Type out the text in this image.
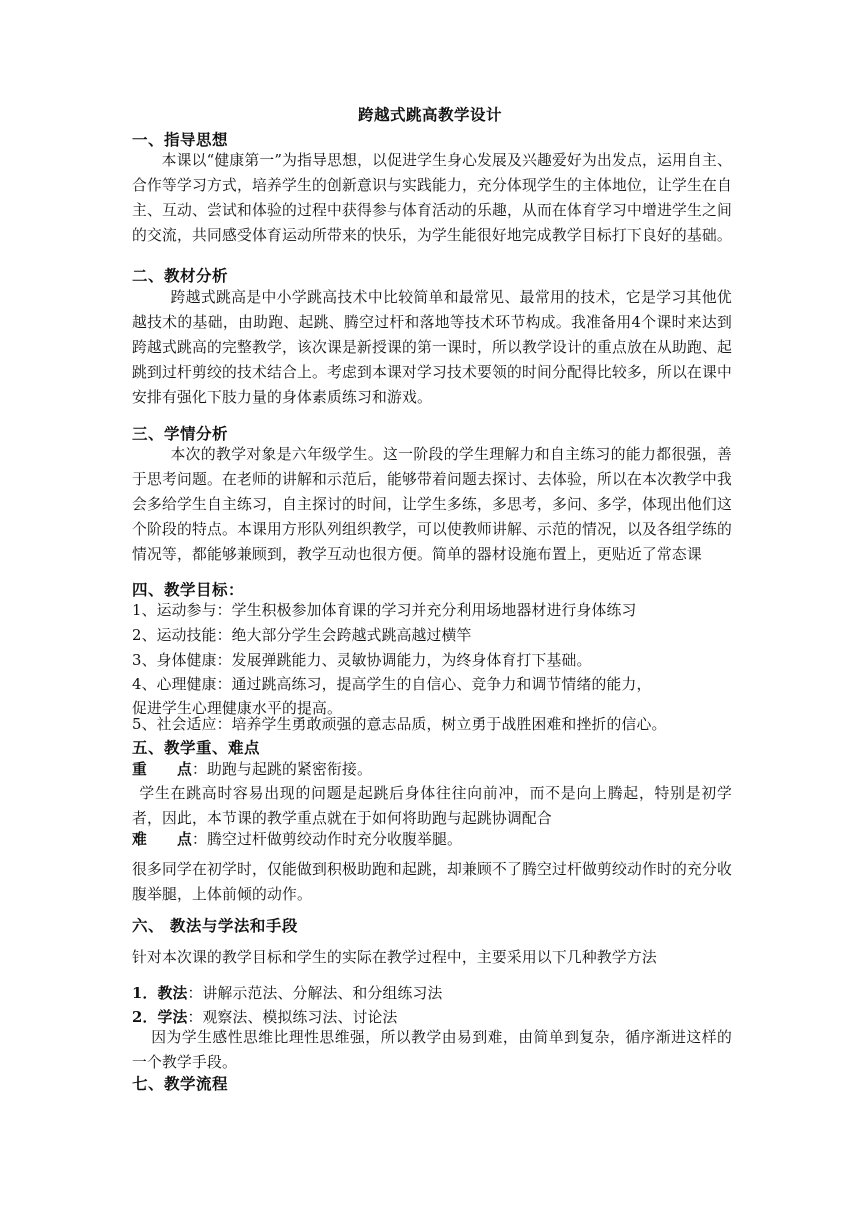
跨越式跳高教学设计
一、指导思想
本课以“健康第一”为指导思想，以促进学生身心发展及兴趣爱好为出发点，运用自主、合作等学习方式，培养学生的创新意识与实践能力，充分体现学生的主体地位，让学生在自主、互动、尝试和体验的过程中获得参与体育活动的乐趣，从而在体育学习中增进学生之间的交流，共同感受体育运动所带来的快乐，为学生能很好地完成教学目标打下良好的基础。
二、教材分析
跨越式跳高是中小学跳高技术中比较简单和最常见、最常用的技术，它是学习其他优越技术的基础，由助跑、起跳、腾空过杆和落地等技术环节构成。我准备用4个课时来达到跨越式跳高的完整教学，该次课是新授课的第一课时，所以教学设计的重点放在从助跑、起跳到过杆剪绞的技术结合上。考虑到本课对学习技术要领的时间分配得比较多，所以在课中安排有强化下肢力量的身体素质练习和游戏。
三、学情分析
本次的教学对象是六年级学生。这一阶段的学生理解力和自主练习的能力都很强，善于思考问题。在老师的讲解和示范后，能够带着问题去探讨、去体验，所以在本次教学中我会多给学生自主练习，自主探讨的时间，让学生多练，多思考，多问、多学，体现出他们这个阶段的特点。本课用方形队列组织教学，可以使教师讲解、示范的情况，以及各组学练的情况等，都能够兼顾到，教学互动也很方便。简单的器材设施布置上，更贴近了常态课
四、教学目标：
1、运动参与：学生积极参加体育课的学习并充分利用场地器材进行身体练习
2、运动技能：绝大部分学生会跨越式跳高越过横竿
3、身体健康：发展弹跳能力、灵敏协调能力，为终身体育打下基础。
4、心理健康：通过跳高练习，提高学生的自信心、竞争力和调节情绪的能力，
促进学生心理健康水平的提高。
5、社会适应：培养学生勇敢顽强的意志品质，树立勇于战胜困难和挫折的信心。
五、教学重、难点
重　　点：助跑与起跳的紧密衔接。
学生在跳高时容易出现的问题是起跳后身体往往向前冲，而不是向上腾起，特别是初学者，因此，本节课的教学重点就在于如何将助跑与起跳协调配合
难　　点：腾空过杆做剪绞动作时充分收腹举腿。
很多同学在初学时，仅能做到积极助跑和起跳，却兼顾不了腾空过杆做剪绞动作时的充分收腹举腿，上体前倾的动作。
六、 教法与学法和手段
针对本次课的教学目标和学生的实际在教学过程中，主要采用以下几种教学方法
1．教法：讲解示范法、分解法、和分组练习法
2．学法：观察法、模拟练习法、讨论法
因为学生感性思维比理性思维强，所以教学由易到难，由简单到复杂，循序渐进这样的一个教学手段。
七、教学流程
